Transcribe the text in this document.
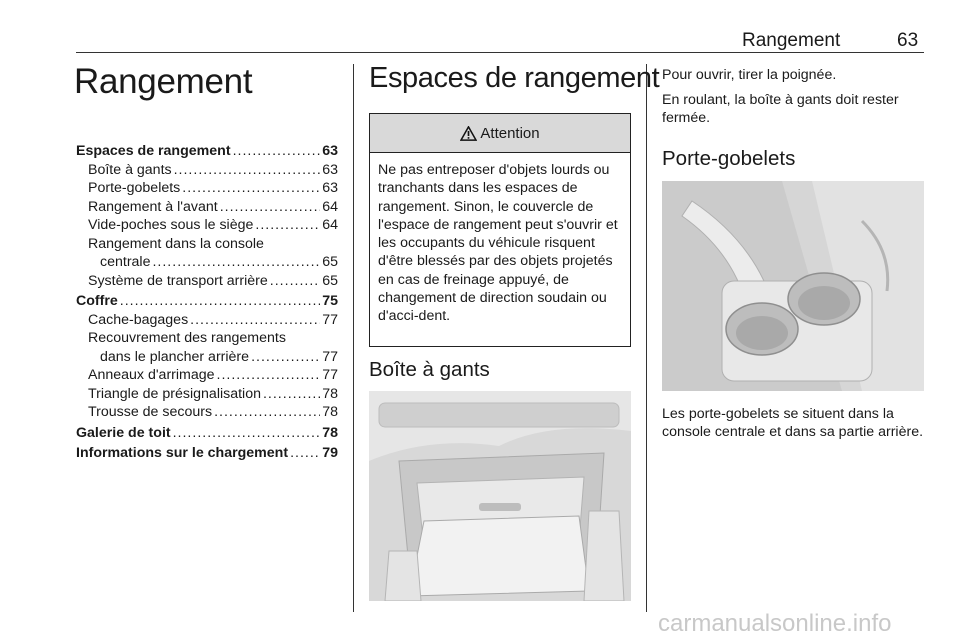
Rangement	63
Rangement
Espaces de rangement .....	63
Boîte à gants .....	63
Porte-gobelets .....	63
Rangement à l'avant .....	64
Vide-poches sous le siège .....	64
Rangement dans la console
centrale .....	65
Système de transport arrière .....	65
Coffre .....	75
Cache-bagages .....	77
Recouvrement des rangements
dans le plancher arrière .....	77
Anneaux d'arrimage .....	77
Triangle de présignalisation .....	78
Trousse de secours .....	78
Galerie de toit .....	78
Informations sur le chargement ..... 79
Espaces de rangement
Attention
Ne pas entreposer d'objets lourds ou tranchants dans les espaces de rangement. Sinon, le couvercle de l'espace de rangement peut s'ouvrir et les occupants du véhicule risquent d'être blessés par des objets projetés en cas de freinage appuyé, de changement de direction soudain ou d'acci-dent.
Boîte à gants

Pour ouvrir, tirer la poignée.

En roulant, la boîte à gants doit rester fermée.

Porte-gobelets

Les porte-gobelets se situent dans la console centrale et dans sa partie arrière.

carmanualsonline.info
